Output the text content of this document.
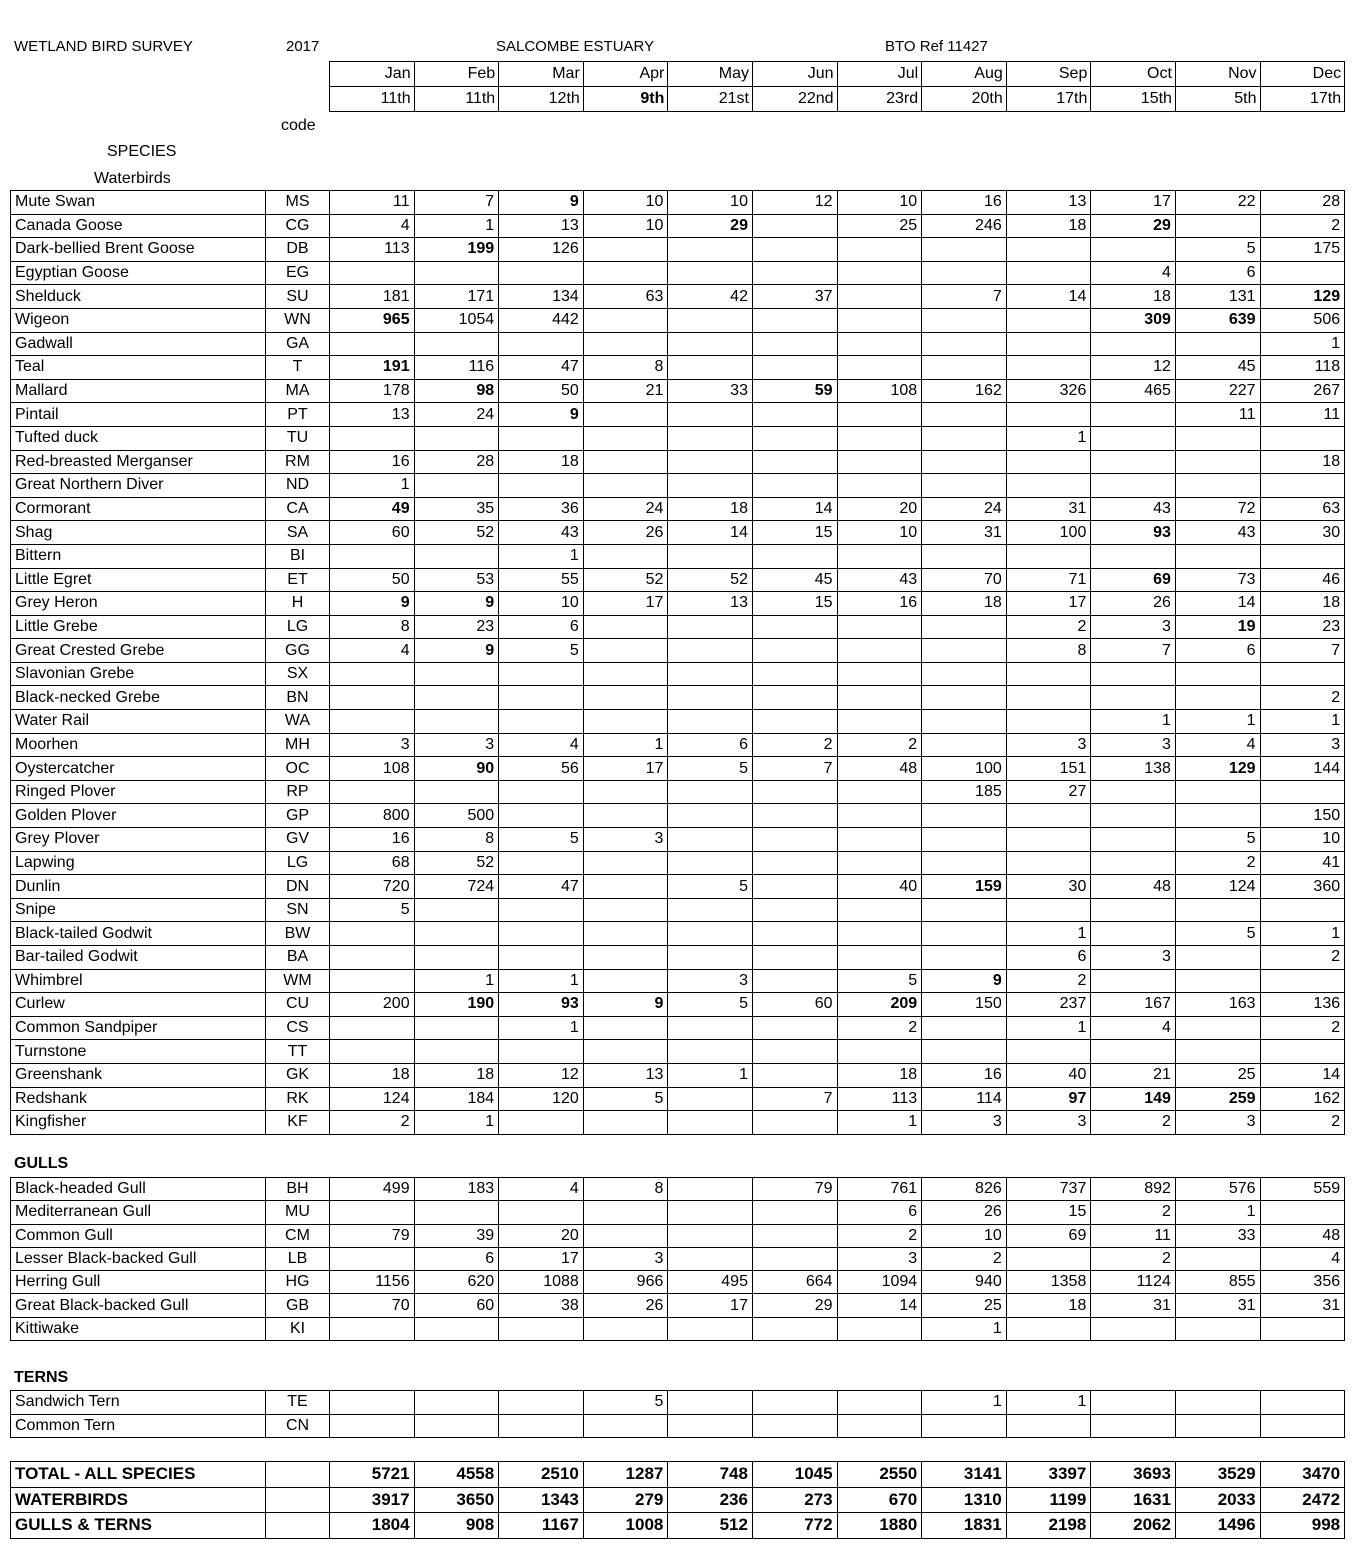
WETLAND BIRD SURVEY	2017	SALCOMBE ESTUARY	BTO Ref 11427
Jan	Feb	Mar	Apr	May	Jun	Jul	Aug	Sep	Oct	Nov	Dec
11th	11th	12th	9th	21st	22nd	23rd	20th	17th	15th	5th	17th
code
SPECIES
Waterbirds
Mute Swan	MS	11	7	9	10	10	12	10	16	13	17	22	28
Canada Goose	CG	4	1	13	10	29		25	246	18	29		2
Dark-bellied Brent Goose	DB	113	199	126								5	175
Egyptian Goose	EG										4	6	
Shelduck	SU	181	171	134	63	42	37		7	14	18	131	129
Wigeon	WN	965	1054	442							309	639	506
Gadwall	GA												1
Teal	T	191	116	47	8						12	45	118
Mallard	MA	178	98	50	21	33	59	108	162	326	465	227	267
Pintail	PT	13	24	9								11	11
Tufted duck	TU									1			
Red-breasted Merganser	RM	16	28	18									18
Great Northern Diver	ND	1											
Cormorant	CA	49	35	36	24	18	14	20	24	31	43	72	63
Shag	SA	60	52	43	26	14	15	10	31	100	93	43	30
Bittern	BI			1									
Little Egret	ET	50	53	55	52	52	45	43	70	71	69	73	46
Grey Heron	H	9	9	10	17	13	15	16	18	17	26	14	18
Little Grebe	LG	8	23	6						2	3	19	23
Great Crested Grebe	GG	4	9	5						8	7	6	7
Slavonian Grebe	SX												
Black-necked Grebe	BN												2
Water Rail	WA										1	1	1
Moorhen	MH	3	3	4	1	6	2	2		3	3	4	3
Oystercatcher	OC	108	90	56	17	5	7	48	100	151	138	129	144
Ringed Plover	RP								185	27			
Golden Plover	GP	800	500										150
Grey Plover	GV	16	8	5	3							5	10
Lapwing	LG	68	52									2	41
Dunlin	DN	720	724	47		5		40	159	30	48	124	360
Snipe	SN	5											
Black-tailed Godwit	BW									1		5	1
Bar-tailed Godwit	BA									6	3		2
Whimbrel	WM		1	1		3		5	9	2			
Curlew	CU	200	190	93	9	5	60	209	150	237	167	163	136
Common Sandpiper	CS			1				2		1	4		2
Turnstone	TT												
Greenshank	GK	18	18	12	13	1		18	16	40	21	25	14
Redshank	RK	124	184	120	5		7	113	114	97	149	259	162
Kingfisher	KF	2	1					1	3	3	2	3	2
GULLS
Black-headed Gull	BH	499	183	4	8		79	761	826	737	892	576	559
Mediterranean Gull	MU							6	26	15	2	1	
Common Gull	CM	79	39	20				2	10	69	11	33	48
Lesser Black-backed Gull	LB		6	17	3			3	2		2		4
Herring Gull	HG	1156	620	1088	966	495	664	1094	940	1358	1124	855	356
Great Black-backed Gull	GB	70	60	38	26	17	29	14	25	18	31	31	31
Kittiwake	KI								1				
TERNS
Sandwich Tern	TE				5				1	1			
Common Tern	CN												
TOTAL - ALL SPECIES		5721	4558	2510	1287	748	1045	2550	3141	3397	3693	3529	3470
WATERBIRDS		3917	3650	1343	279	236	273	670	1310	1199	1631	2033	2472
GULLS & TERNS		1804	908	1167	1008	512	772	1880	1831	2198	2062	1496	998
